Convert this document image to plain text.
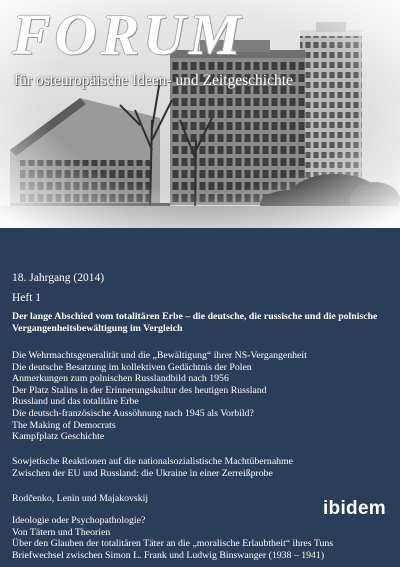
FORUM
für osteuropäische Ideen- und Zeitgeschichte
18. Jahrgang (2014)
Heft 1
Der lange Abschied vom totalitären Erbe – die deutsche, die russische und die polnische
Vergangenheitsbewältigung im Vergleich
Die Wehrmachtsgeneralität und die „Bewältigung“ ihrer NS-Vergangenheit
Die deutsche Besatzung im kollektiven Gedächtnis der Polen
Anmerkungen zum polnischen Russlandbild nach 1956
Der Platz Stalins in der Erinnerungskultur des heutigen Russland
Russland und das totalitäre Erbe
Die deutsch-französische Aussöhnung nach 1945 als Vorbild?
The Making of Democrats
Kampfplatz Geschichte
Sowjetische Reaktionen auf die nationalsozialistische Machtübernahme
Zwischen der EU und Russland: die Ukraine in einer Zerreißprobe
Rodčenko, Lenin und Majakovskij
Ideologie oder Psychopathologie?
Von Tätern und Theorien
Über den Glauben der totalitären Täter an die „moralische Erlaubtheit“ ihres Tuns
Briefwechsel zwischen Simon L. Frank und Ludwig Binswanger (1938 – 1941)
ibidem
